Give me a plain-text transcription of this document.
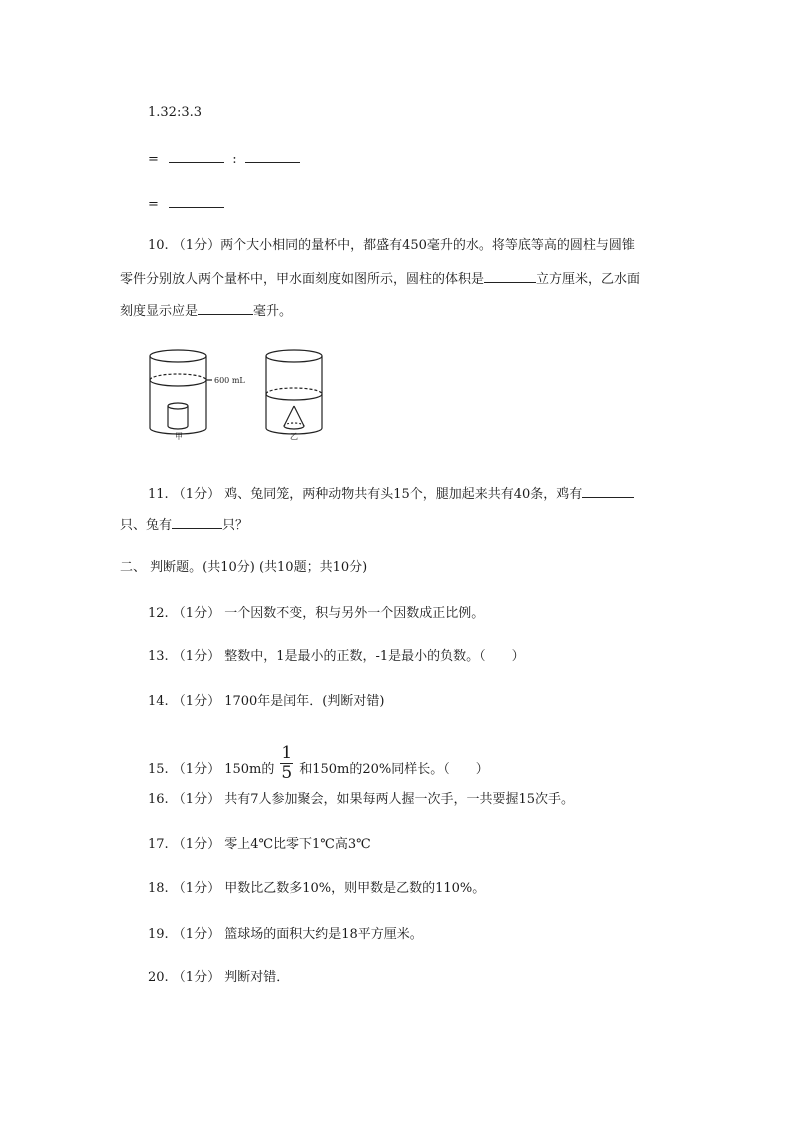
1.32:3.3
=	:
=
10. （1分）两个大小相同的量杯中，都盛有450毫升的水。将等底等高的圆柱与圆锥
零件分别放人两个量杯中，甲水面刻度如图所示，圆柱的体积是	立方厘米，乙水面
刻度显示应是	毫升。
600 mL
甲	乙
11. （1分） 鸡、兔同笼，两种动物共有头15个，腿加起来共有40条，鸡有
只、兔有	只？
二、 判断题。(共10分) (共10题；共10分)
12. （1分） 一个因数不变，积与另外一个因数成正比例。
13. （1分） 整数中，1是最小的正数，-1是最小的负数。（　　）
14. （1分） 1700年是闰年．(判断对错)
15. （1分） 150m的 $\frac{1}{5}$ 和150m的20%同样长。（　　）
16. （1分） 共有7人参加聚会，如果每两人握一次手，一共要握15次手。
17. （1分） 零上4℃比零下1℃高3℃
18. （1分） 甲数比乙数多10%，则甲数是乙数的110%。
19. （1分） 篮球场的面积大约是18平方厘米。
20. （1分） 判断对错．
